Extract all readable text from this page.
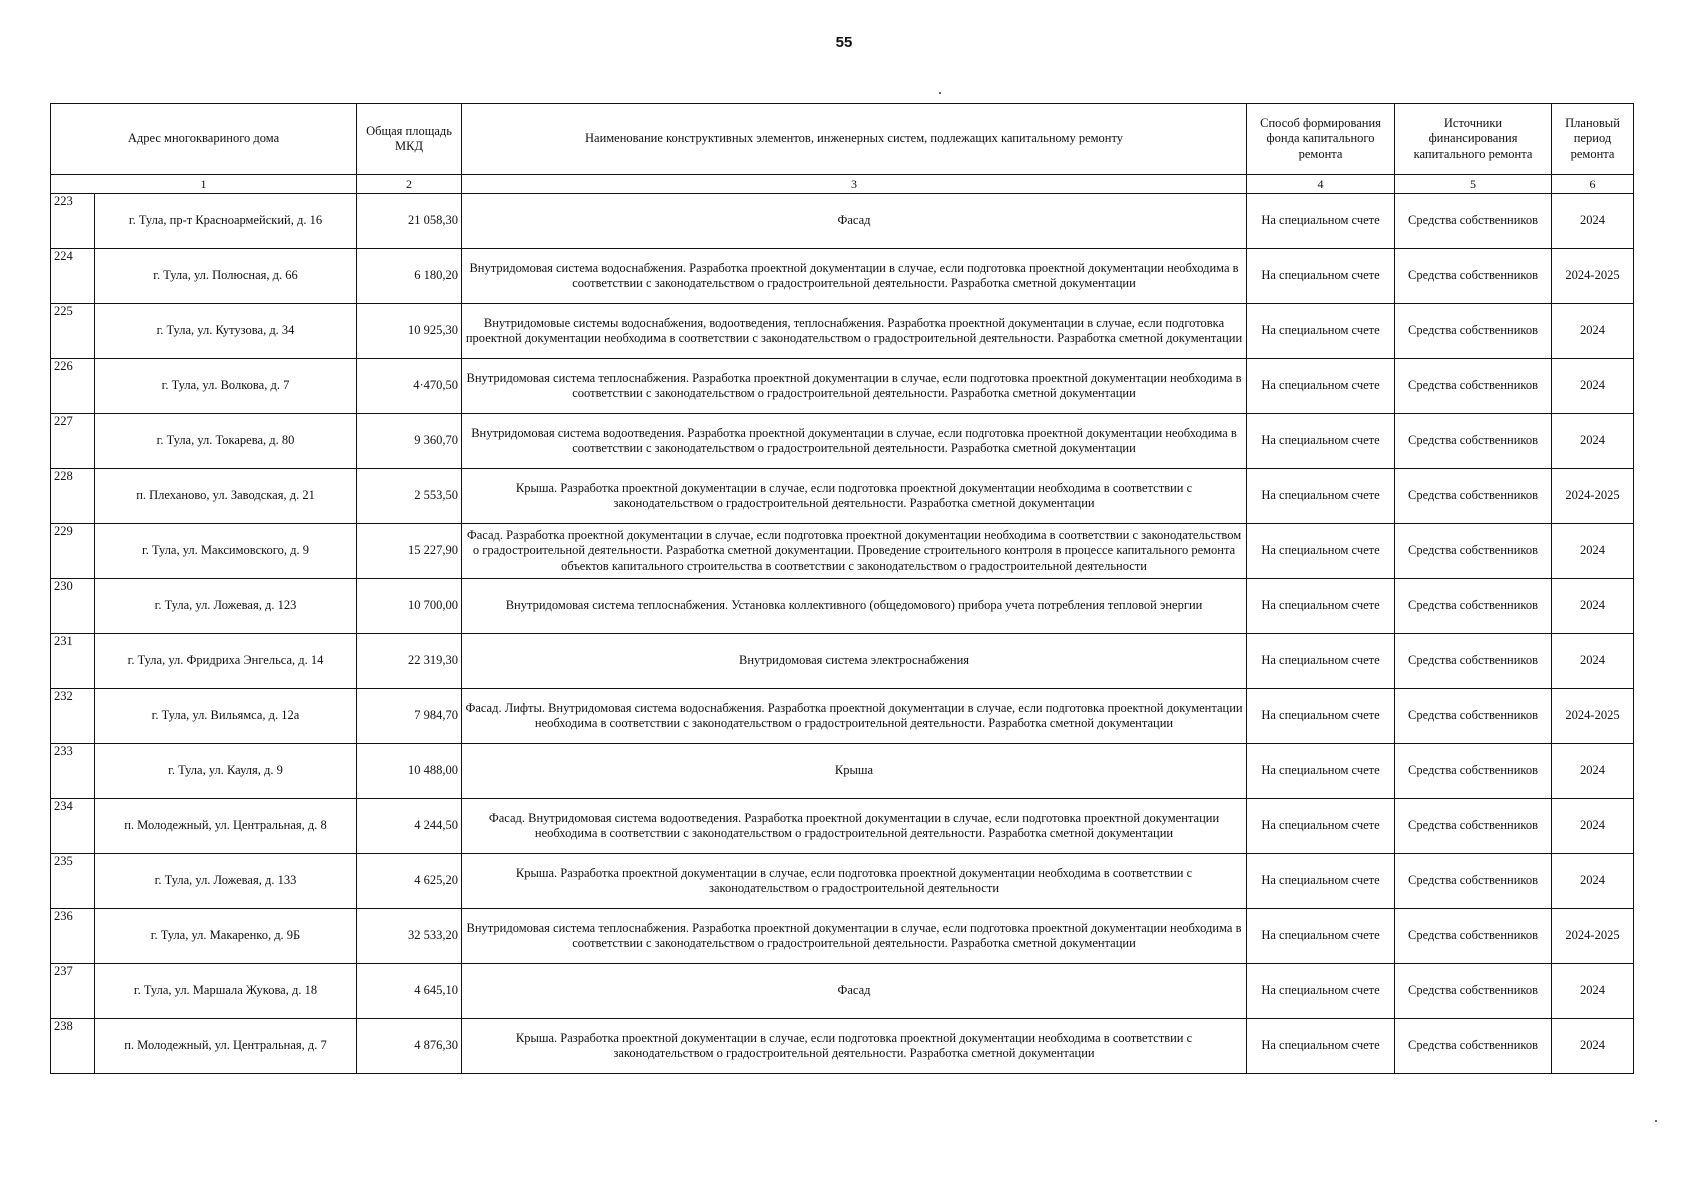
55
Адрес многоквариного дома		Общая площадь МКД	Наименование конструктивных элементов, инженерных систем, подлежащих капитальному ремонту	Способ формирования фонда капитального ремонта	Источники финансирования капитального ремонта	Плановый период ремонта
1		2	3	4	5	6
223	г. Тула, пр-т Красноармейский, д. 16	21 058,30	Фасад	На специальном счете	Средства собственников	2024
224	г. Тула, ул. Полюсная, д. 66	6 180,20	Внутридомовая система водоснабжения. Разработка проектной документации в случае, если подготовка проектной документации необходима в соответствии с законодательством о градостроительной деятельности. Разработка сметной документации	На специальном счете	Средства собственников	2024-2025
225	г. Тула, ул. Кутузова, д. 34	10 925,30	Внутридомовые системы водоснабжения, водоотведения, теплоснабжения. Разработка проектной документации в случае, если подготовка проектной документации необходима в соответствии с законодательством о градостроительной деятельности. Разработка сметной документации	На специальном счете	Средства собственников	2024
226	г. Тула, ул. Волкова, д. 7	4·470,50	Внутридомовая система теплоснабжения. Разработка проектной документации в случае, если подготовка проектной документации необходима в соответствии с законодательством о градостроительной деятельности. Разработка сметной документации	На специальном счете	Средства собственников	2024
227	г. Тула, ул. Токарева, д. 80	9 360,70	Внутридомовая система водоотведения. Разработка проектной документации в случае, если подготовка проектной документации необходима в соответствии с законодательством о градостроительной деятельности. Разработка сметной документации	На специальном счете	Средства собственников	2024
228	п. Плеханово, ул. Заводская, д. 21	2 553,50	Крыша. Разработка проектной документации в случае, если подготовка проектной документации необходима в соответствии с законодательством о градостроительной деятельности. Разработка сметной документации	На специальном счете	Средства собственников	2024-2025
229	г. Тула, ул. Максимовского, д. 9	15 227,90	Фасад. Разработка проектной документации в случае, если подготовка проектной документации необходима в соответствии с законодательством о градостроительной деятельности. Разработка сметной документации. Проведение строительного контроля в процессе капитального ремонта объектов капитального строительства в соответствии с законодательством о градостроительной деятельности	На специальном счете	Средства собственников	2024
230	г. Тула, ул. Ложевая, д. 123	10 700,00	Внутридомовая система теплоснабжения. Установка коллективного (общедомового) прибора учета потребления тепловой энергии	На специальном счете	Средства собственников	2024
231	г. Тула, ул. Фридриха Энгельса, д. 14	22 319,30	Внутридомовая система электроснабжения	На специальном счете	Средства собственников	2024
232	г. Тула, ул. Вильямса, д. 12а	7 984,70	Фасад. Лифты. Внутридомовая система водоснабжения. Разработка проектной документации в случае, если подготовка проектной документации необходима в соответствии с законодательством о градостроительной деятельности. Разработка сметной документации	На специальном счете	Средства собственников	2024-2025
233	г. Тула, ул. Кауля, д. 9	10 488,00	Крыша	На специальном счете	Средства собственников	2024
234	п. Молодежный, ул. Центральная, д. 8	4 244,50	Фасад. Внутридомовая система водоотведения. Разработка проектной документации в случае, если подготовка проектной документации необходима в соответствии с законодательством о градостроительной деятельности. Разработка сметной документации	На специальном счете	Средства собственников	2024
235	г. Тула, ул. Ложевая, д. 133	4 625,20	Крыша. Разработка проектной документации в случае, если подготовка проектной документации необходима в соответствии с законодательством о градостроительной деятельности	На специальном счете	Средства собственников	2024
236	г. Тула, ул. Макаренко, д. 9Б	32 533,20	Внутридомовая система теплоснабжения. Разработка проектной документации в случае, если подготовка проектной документации необходима в соответствии с законодательством о градостроительной деятельности. Разработка сметной документации	На специальном счете	Средства собственников	2024-2025
237	г. Тула, ул. Маршала Жукова, д. 18	4 645,10	Фасад	На специальном счете	Средства собственников	2024
238	п. Молодежный, ул. Центральная, д. 7	4 876,30	Крыша. Разработка проектной документации в случае, если подготовка проектной документации необходима в соответствии с законодательством о градостроительной деятельности. Разработка сметной документации	На специальном счете	Средства собственников	2024
